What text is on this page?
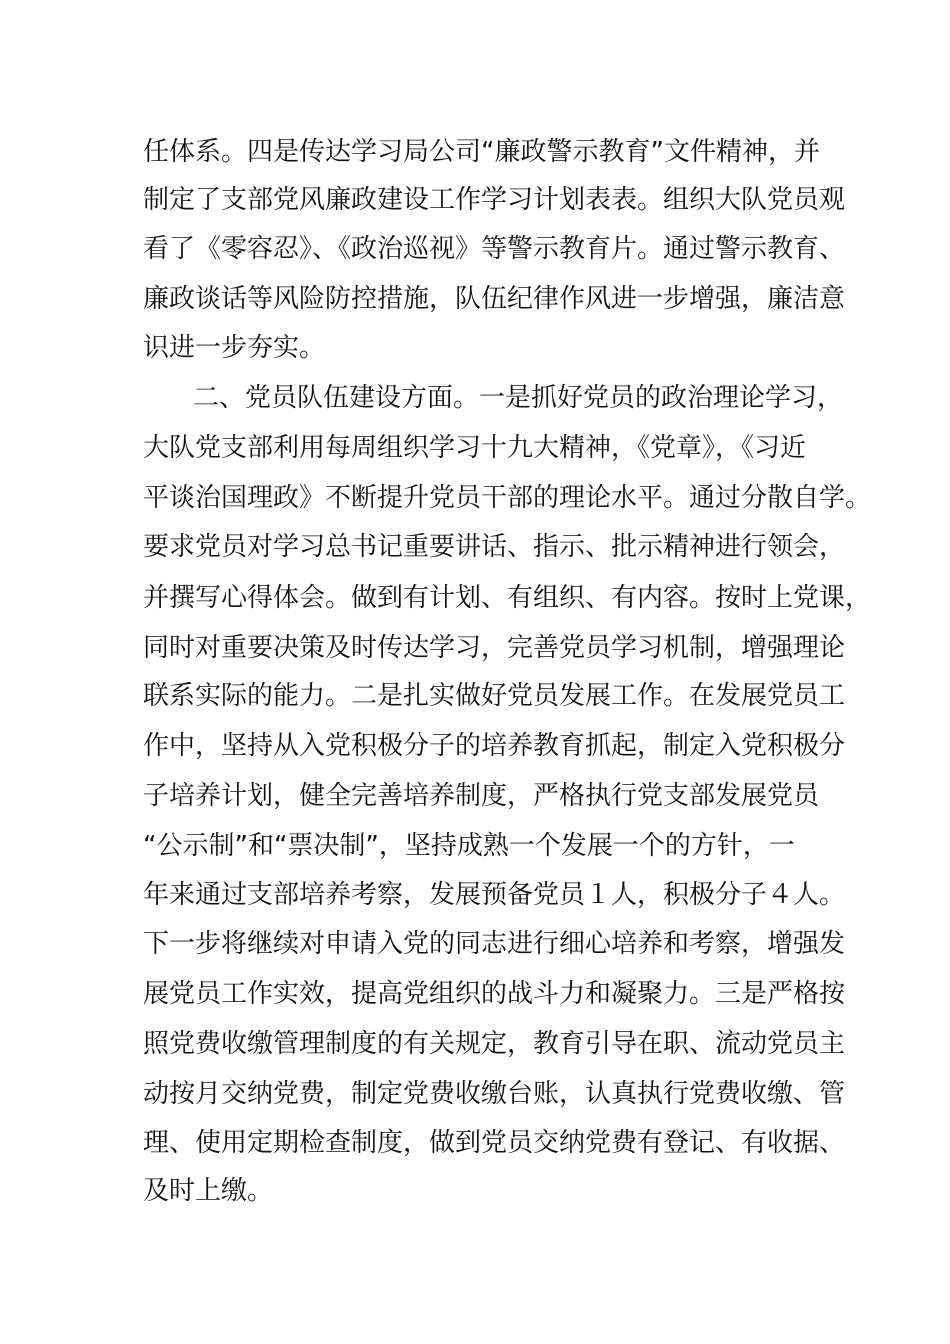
任体系。四是传达学习局公司“廉政警示教育”文件精神，并
制定了支部党风廉政建设工作学习计划表表。组织大队党员观
看了《零容忍》、《政治巡视》等警示教育片。通过警示教育、
廉政谈话等风险防控措施，队伍纪律作风进一步增强，廉洁意
识进一步夯实。
二、党员队伍建设方面。一是抓好党员的政治理论学习，
大队党支部利用每周组织学习十九大精神，《党章》，《习近
平谈治国理政》不断提升党员干部的理论水平。通过分散自学。
要求党员对学习总书记重要讲话、指示、批示精神进行领会，
并撰写心得体会。做到有计划、有组织、有内容。按时上党课，
同时对重要决策及时传达学习，完善党员学习机制，增强理论
联系实际的能力。二是扎实做好党员发展工作。在发展党员工
作中，坚持从入党积极分子的培养教育抓起，制定入党积极分
子培养计划，健全完善培养制度，严格执行党支部发展党员
“公示制”和“票决制”，坚持成熟一个发展一个的方针，一
年来通过支部培养考察，发展预备党员１人，积极分子４人。
下一步将继续对申请入党的同志进行细心培养和考察，增强发
展党员工作实效，提高党组织的战斗力和凝聚力。三是严格按
照党费收缴管理制度的有关规定，教育引导在职、流动党员主
动按月交纳党费，制定党费收缴台账，认真执行党费收缴、管
理、使用定期检查制度，做到党员交纳党费有登记、有收据、
及时上缴。
